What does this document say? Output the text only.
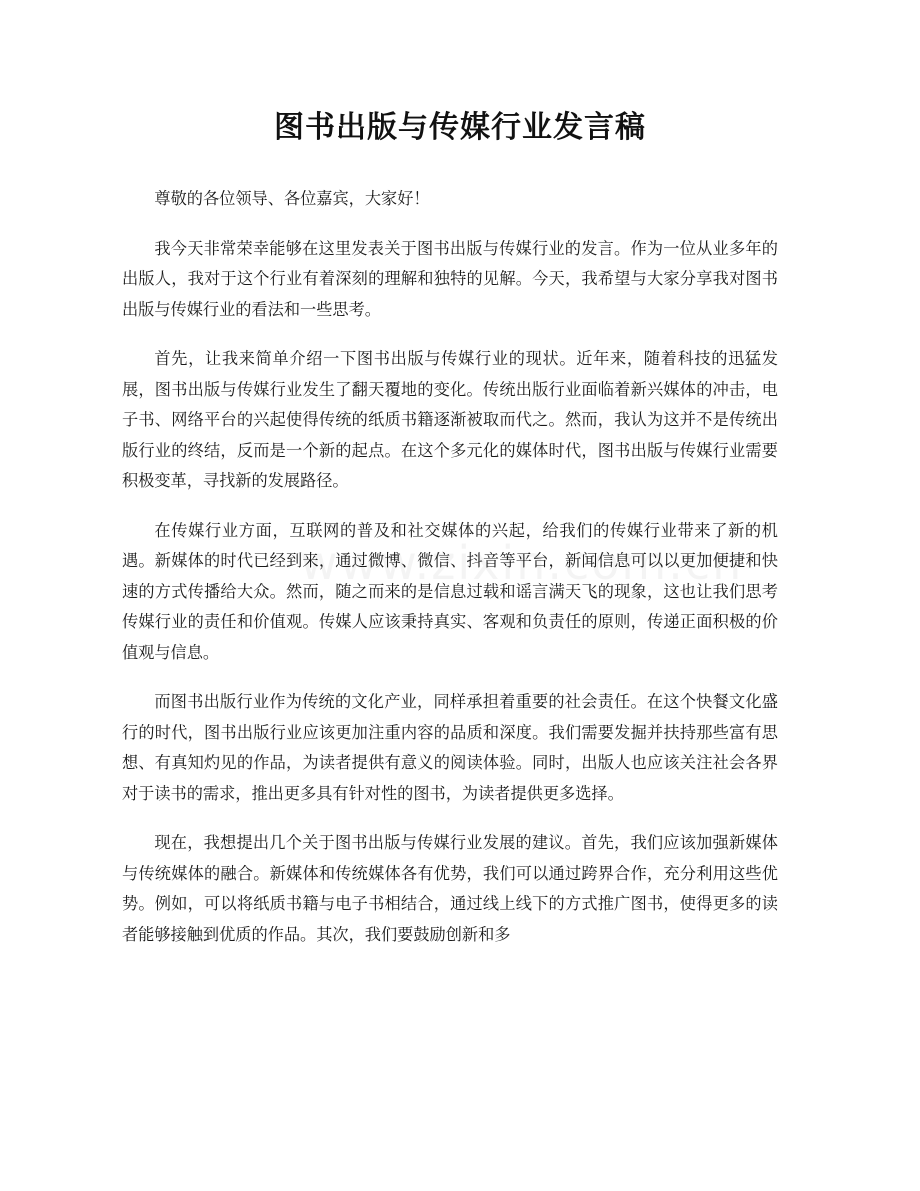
图书出版与传媒行业发言稿

尊敬的各位领导、各位嘉宾，大家好！

我今天非常荣幸能够在这里发表关于图书出版与传媒行业的发言。作为一位从业多年的出版人，我对于这个行业有着深刻的理解和独特的见解。今天，我希望与大家分享我对图书出版与传媒行业的看法和一些思考。

首先，让我来简单介绍一下图书出版与传媒行业的现状。近年来，随着科技的迅猛发展，图书出版与传媒行业发生了翻天覆地的变化。传统出版行业面临着新兴媒体的冲击，电子书、网络平台的兴起使得传统的纸质书籍逐渐被取而代之。然而，我认为这并不是传统出版行业的终结，反而是一个新的起点。在这个多元化的媒体时代，图书出版与传媒行业需要积极变革，寻找新的发展路径。

在传媒行业方面，互联网的普及和社交媒体的兴起，给我们的传媒行业带来了新的机遇。新媒体的时代已经到来，通过微博、微信、抖音等平台，新闻信息可以以更加便捷和快速的方式传播给大众。然而，随之而来的是信息过载和谣言满天飞的现象，这也让我们思考传媒行业的责任和价值观。传媒人应该秉持真实、客观和负责任的原则，传递正面积极的价值观与信息。

而图书出版行业作为传统的文化产业，同样承担着重要的社会责任。在这个快餐文化盛行的时代，图书出版行业应该更加注重内容的品质和深度。我们需要发掘并扶持那些富有思想、有真知灼见的作品，为读者提供有意义的阅读体验。同时，出版人也应该关注社会各界对于读书的需求，推出更多具有针对性的图书，为读者提供更多选择。

现在，我想提出几个关于图书出版与传媒行业发展的建议。首先，我们应该加强新媒体与传统媒体的融合。新媒体和传统媒体各有优势，我们可以通过跨界合作，充分利用这些优势。例如，可以将纸质书籍与电子书相结合，通过线上线下的方式推广图书，使得更多的读者能够接触到优质的作品。其次，我们要鼓励创新和多
